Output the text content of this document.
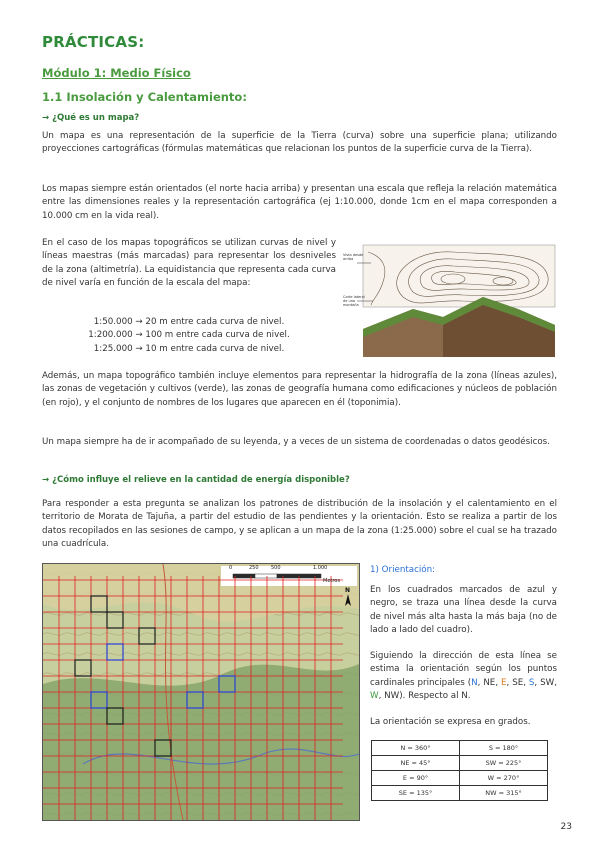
PRÁCTICAS:
Módulo 1: Medio Físico
1.1 Insolación y Calentamiento:
→ ¿Qué es un mapa?
Un mapa es una representación de la superficie de la Tierra (curva) sobre una superficie plana; utilizando proyecciones cartográficas (fórmulas matemáticas que relacionan los puntos de la superficie curva de la Tierra).
Los mapas siempre están orientados (el norte hacia arriba) y presentan una escala que refleja la relación matemática entre las dimensiones reales y la representación cartográfica (ej 1:10.000, donde 1cm en el mapa corresponden a 10.000 cm en la vida real).
En el caso de los mapas topográficos se utilizan curvas de nivel y líneas maestras (más marcadas) para representar los desniveles de la zona (altimetría). La equidistancia que representa cada curva de nivel varía en función de la escala del mapa:
1:50.000 → 20 m entre cada curva de nivel.
1:200.000 → 100 m entre cada curva de nivel.
1:25.000 → 10 m entre cada curva de nivel.
Vista desde arriba
Corte lateral de una montaña
Además, un mapa topográfico también incluye elementos para representar la hidrografía de la zona (líneas azules), las zonas de vegetación y cultivos (verde), las zonas de geografía humana como edificaciones y núcleos de población (en rojo), y el conjunto de nombres de los lugares que aparecen en él (toponimia).
Un mapa siempre ha de ir acompañado de su leyenda, y a veces de un sistema de coordenadas o datos geodésicos.
→ ¿Cómo influye el relieve en la cantidad de energía disponible?
Para responder a esta pregunta se analizan los patrones de distribución de la insolación y el calentamiento en el territorio de Morata de Tajuña, a partir del estudio de las pendientes y la orientación. Esto se realiza a partir de los datos recopilados en las sesiones de campo, y se aplican a un mapa de la zona (1:25.000) sobre el cual se ha trazado una cuadrícula.
0	250 500	1.000
Metros
N
1) Orientación:
En los cuadrados marcados de azul y negro, se traza una línea desde la curva de nivel más alta hasta la más baja (no de lado a lado del cuadro).
Siguiendo la dirección de esta línea se estima la orientación según los puntos cardinales principales (N, NE, E, SE, S, SW, W, NW). Respecto al N.
La orientación se expresa en grados.
N = 360°	S = 180°
NE = 45°	SW = 225°
E = 90°	W = 270°
SE = 135°	NW = 315°
23
